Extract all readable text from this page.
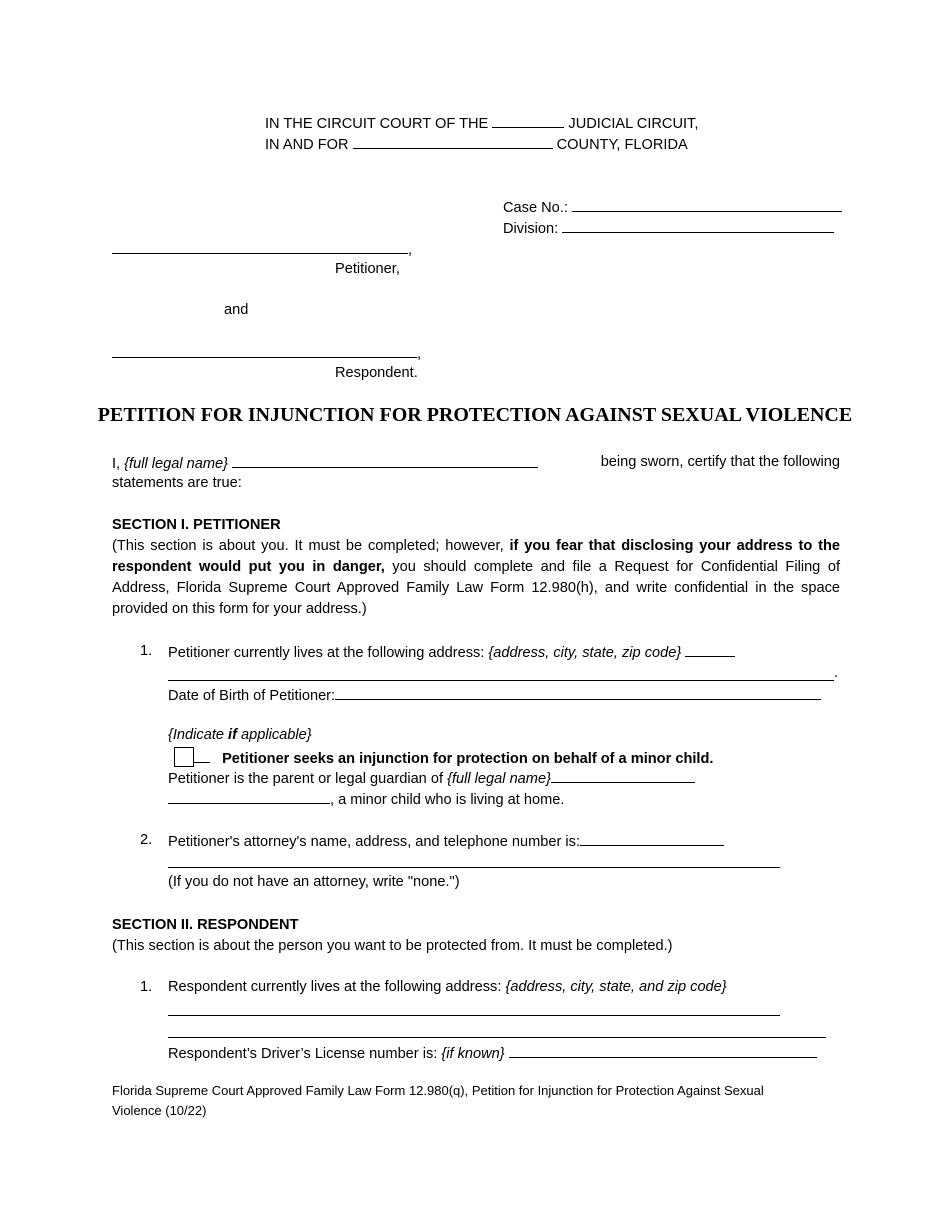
IN THE CIRCUIT COURT OF THE	JUDICIAL CIRCUIT,
IN AND FOR	COUNTY, FLORIDA
Case No.:
Division:
,
Petitioner,
and
,
Respondent.
PETITION FOR INJUNCTION FOR PROTECTION AGAINST SEXUAL VIOLENCE
I, {full legal name}	being sworn, certify that the following
statements are true:
SECTION I. PETITIONER
(This section is about you. It must be completed; however, if you fear that disclosing your address to the respondent would put you in danger, you should complete and file a Request for Confidential Filing of Address, Florida Supreme Court Approved Family Law Form 12.980(h), and write confidential in the space provided on this form for your address.)
1. Petitioner currently lives at the following address: {address, city, state, zip code}
.
Date of Birth of Petitioner:
{Indicate if applicable}
Petitioner seeks an injunction for protection on behalf of a minor child.
Petitioner is the parent or legal guardian of {full legal name}
, a minor child who is living at home.
2. Petitioner's attorney's name, address, and telephone number is:
(If you do not have an attorney, write "none.")
SECTION II. RESPONDENT
(This section is about the person you want to be protected from. It must be completed.)
1. Respondent currently lives at the following address: {address, city, state, and zip code}
Respondent’s Driver’s License number is: {if known}
Florida Supreme Court Approved Family Law Form 12.980(q), Petition for Injunction for Protection Against Sexual
Violence (10/22)
